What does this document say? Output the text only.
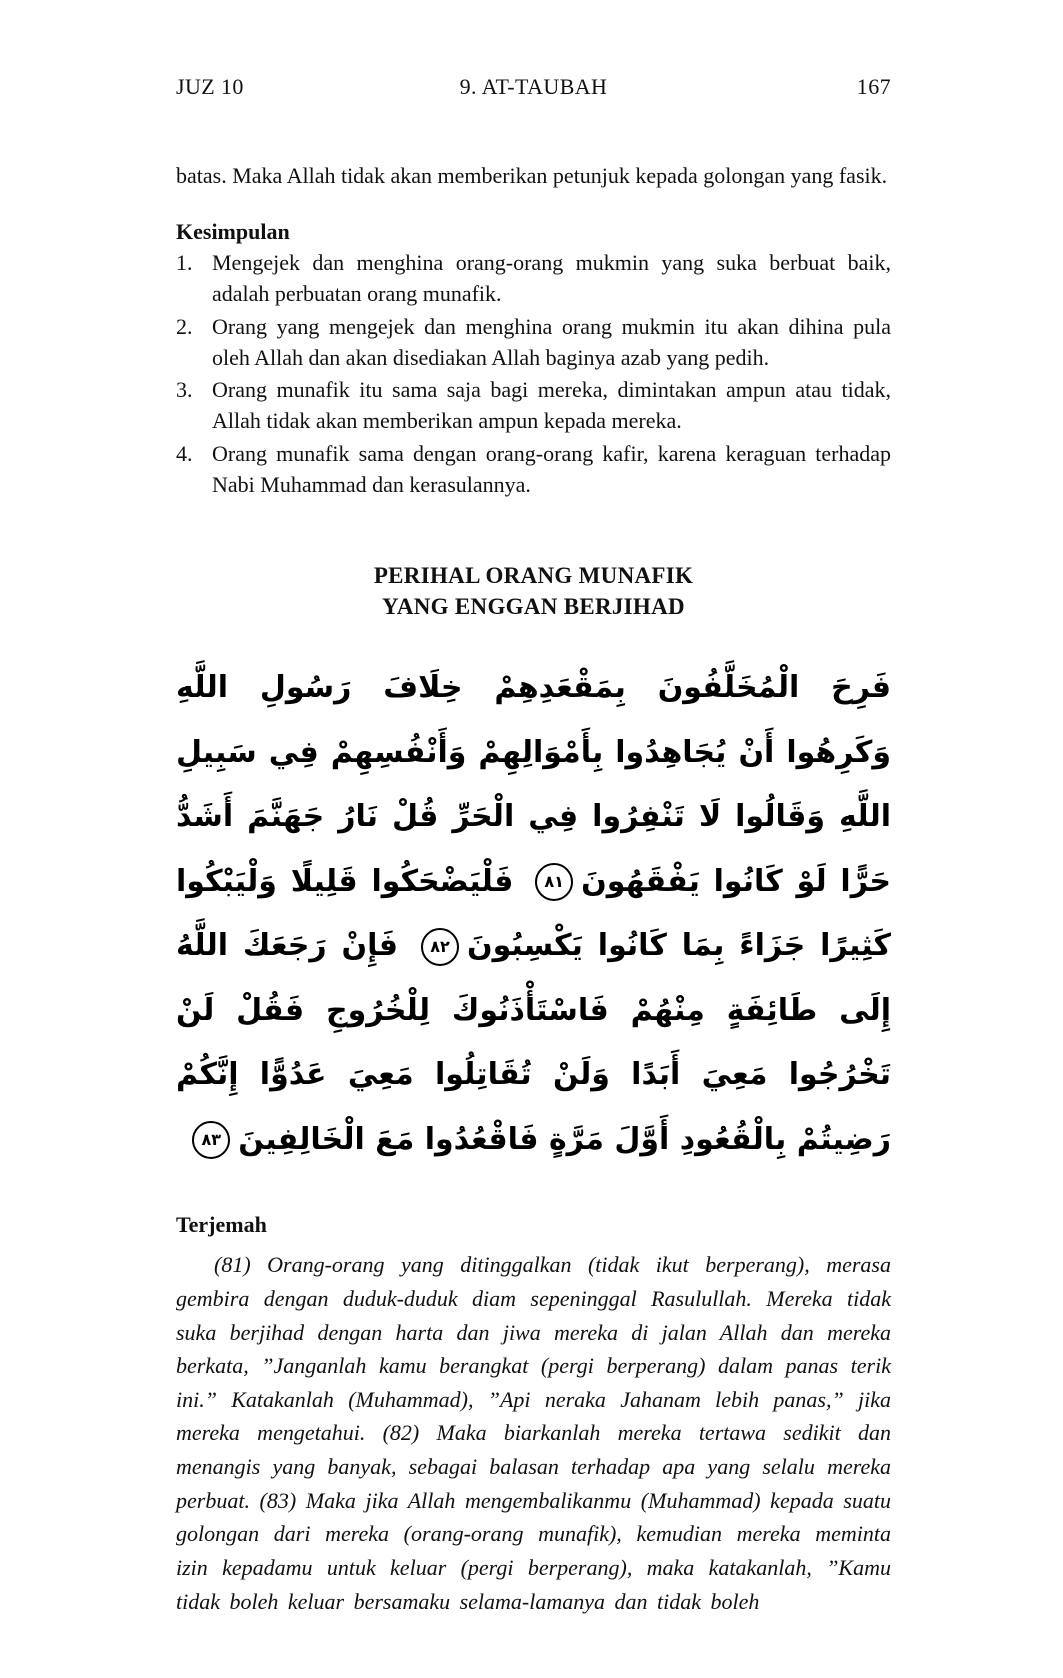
JUZ 10	9. AT-TAUBAH	167

batas. Maka Allah tidak akan memberikan petunjuk kepada golongan yang fasik.

Kesimpulan
1. Mengejek dan menghina orang-orang mukmin yang suka berbuat baik, adalah perbuatan orang munafik.
2. Orang yang mengejek dan menghina orang mukmin itu akan dihina pula oleh Allah dan akan disediakan Allah baginya azab yang pedih.
3. Orang munafik itu sama saja bagi mereka, dimintakan ampun atau tidak, Allah tidak akan memberikan ampun kepada mereka.
4. Orang munafik sama dengan orang-orang kafir, karena keraguan terhadap Nabi Muhammad dan kerasulannya.
PERIHAL ORANG MUNAFIK
YANG ENGGAN BERJIHAD

فَرِحَ الْمُخَلَّفُونَ بِمَقْعَدِهِمْ خِلَافَ رَسُولِ اللَّهِ وَكَرِهُوا أَنْ يُجَاهِدُوا بِأَمْوَالِهِمْ وَأَنْفُسِهِمْ فِي سَبِيلِ اللَّهِ وَقَالُوا لَا تَنْفِرُوا فِي الْحَرِّ قُلْ نَارُ جَهَنَّمَ أَشَدُّ حَرًّا لَوْ كَانُوا يَفْقَهُونَ٨١ فَلْيَضْحَكُوا قَلِيلًا وَلْيَبْكُوا كَثِيرًا جَزَاءً بِمَا كَانُوا يَكْسِبُونَ٨٢ فَإِنْ رَجَعَكَ اللَّهُ إِلَى طَائِفَةٍ مِنْهُمْ فَاسْتَأْذَنُوكَ لِلْخُرُوجِ فَقُلْ لَنْ تَخْرُجُوا مَعِيَ أَبَدًا وَلَنْ تُقَاتِلُوا مَعِيَ عَدُوًّا إِنَّكُمْ رَضِيتُمْ بِالْقُعُودِ أَوَّلَ مَرَّةٍ فَاقْعُدُوا مَعَ الْخَالِفِينَ٨٣

Terjemah

(81) Orang-orang yang ditinggalkan (tidak ikut berperang), merasa gembira dengan duduk-duduk diam sepeninggal Rasulullah. Mereka tidak suka berjihad dengan harta dan jiwa mereka di jalan Allah dan mereka berkata, ”Janganlah kamu berangkat (pergi berperang) dalam panas terik ini.” Katakanlah (Muhammad), ”Api neraka Jahanam lebih panas,” jika mereka mengetahui. (82) Maka biarkanlah mereka tertawa sedikit dan menangis yang banyak, sebagai balasan terhadap apa yang selalu mereka perbuat. (83) Maka jika Allah mengembalikanmu (Muhammad) kepada suatu golongan dari mereka (orang-orang munafik), kemudian mereka meminta izin kepadamu untuk keluar (pergi berperang), maka katakanlah, ”Kamu tidak boleh keluar bersamaku selama-lamanya dan tidak boleh
